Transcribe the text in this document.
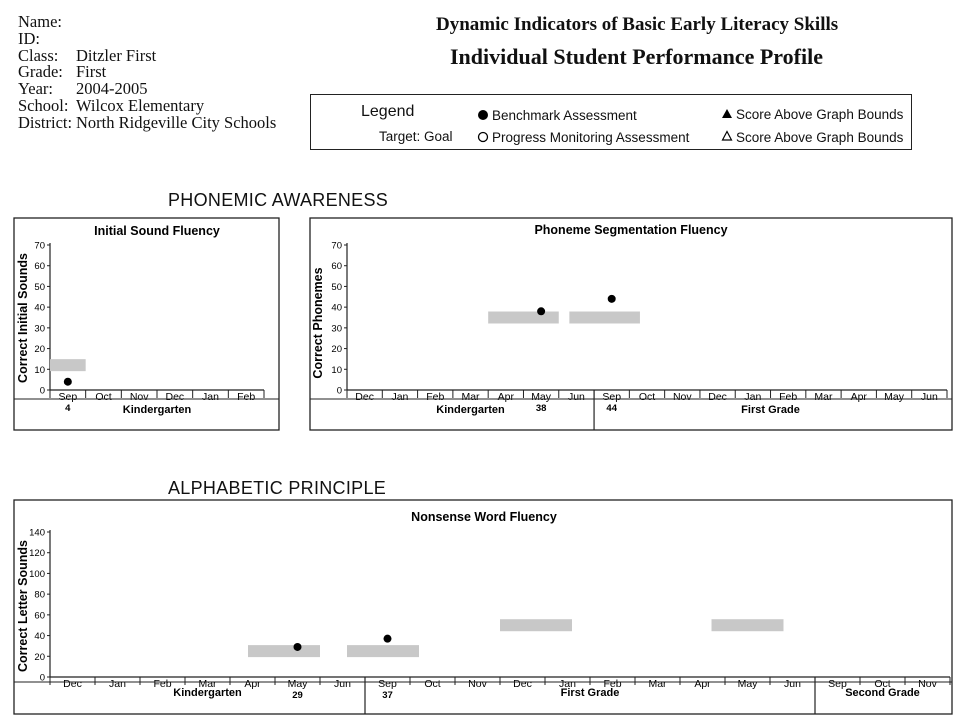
Name:
ID:
Class:	Ditzler First
Grade: First
Year:	2004-2005
School: Wilcox Elementary
District: North Ridgeville City Schools
Dynamic Indicators of Basic Early Literacy Skills
Individual Student Performance Profile
Legend
Target: Goal
Benchmark Assessment
Progress Monitoring Assessment
Score Above Graph Bounds
Score Above Graph Bounds
PHONEMIC AWARENESS
ALPHABETIC PRINCIPLE
Initial Sound Fluency
Correct Initial Sounds
0
10
20
30
40
50
60
70
Sep Oct Nov Dec Jan Feb
Kindergarten
4
Phoneme Segmentation Fluency
Correct Phonemes
0
10
20
30
40
50
60
70
Dec Jan Feb Mar Apr May Jun Sep Oct Nov Dec Jan Feb Mar Apr May Jun
Kindergarten	First Grade
38	44
Nonsense Word Fluency
Correct Letter Sounds
0
20
40
60
80
100
120
140
Dec	Jan	Feb	Mar	Apr	May	Jun	Sep	Oct	Nov	Dec	Jan	Feb	Mar	Apr	May	Jun	Sep	Oct	Nov
Kindergarten	First Grade	Second Grade
29	37
